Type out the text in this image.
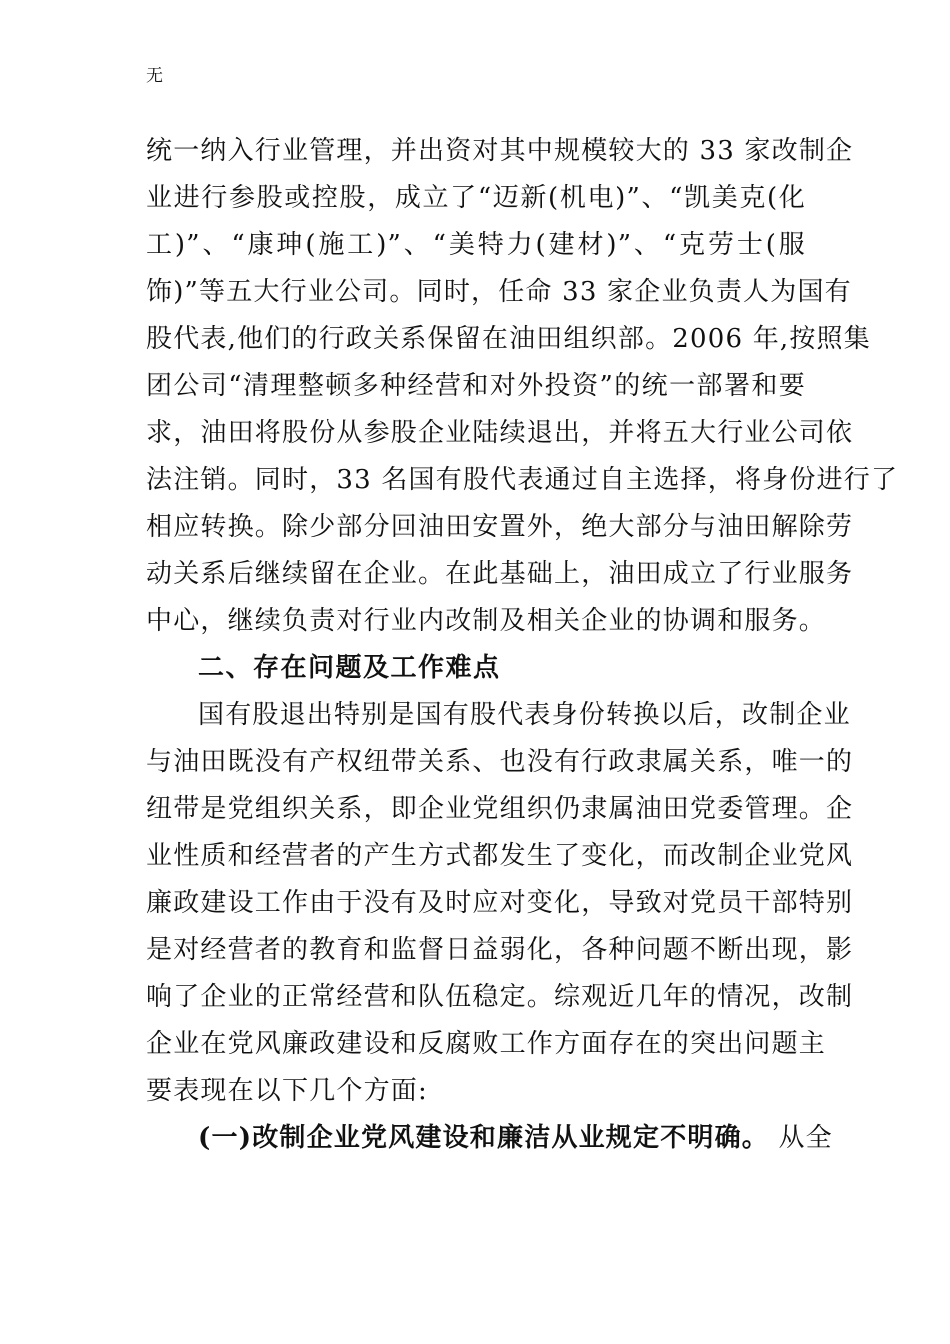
无
统一纳入行业管理，并出资对其中规模较大的 33 家改制企
业进行参股或控股，成立了“迈新(机电)”、“凯美克(化
工)”、“康珅(施工)”、“美特力(建材)”、“克劳士(服
饰)”等五大行业公司。同时，任命 33 家企业负责人为国有
股代表,他们的行政关系保留在油田组织部。2006 年,按照集
团公司“清理整顿多种经营和对外投资”的统一部署和要
求，油田将股份从参股企业陆续退出，并将五大行业公司依
法注销。同时，33 名国有股代表通过自主选择，将身份进行了
相应转换。除少部分回油田安置外，绝大部分与油田解除劳
动关系后继续留在企业。在此基础上，油田成立了行业服务
中心，继续负责对行业内改制及相关企业的协调和服务。
二、存在问题及工作难点
国有股退出特别是国有股代表身份转换以后，改制企业
与油田既没有产权纽带关系、也没有行政隶属关系，唯一的
纽带是党组织关系，即企业党组织仍隶属油田党委管理。企
业性质和经营者的产生方式都发生了变化，而改制企业党风
廉政建设工作由于没有及时应对变化，导致对党员干部特别
是对经营者的教育和监督日益弱化，各种问题不断出现，影
响了企业的正常经营和队伍稳定。综观近几年的情况，改制
企业在党风廉政建设和反腐败工作方面存在的突出问题主
要表现在以下几个方面:
(一)改制企业党风建设和廉洁从业规定不明确。 从全
